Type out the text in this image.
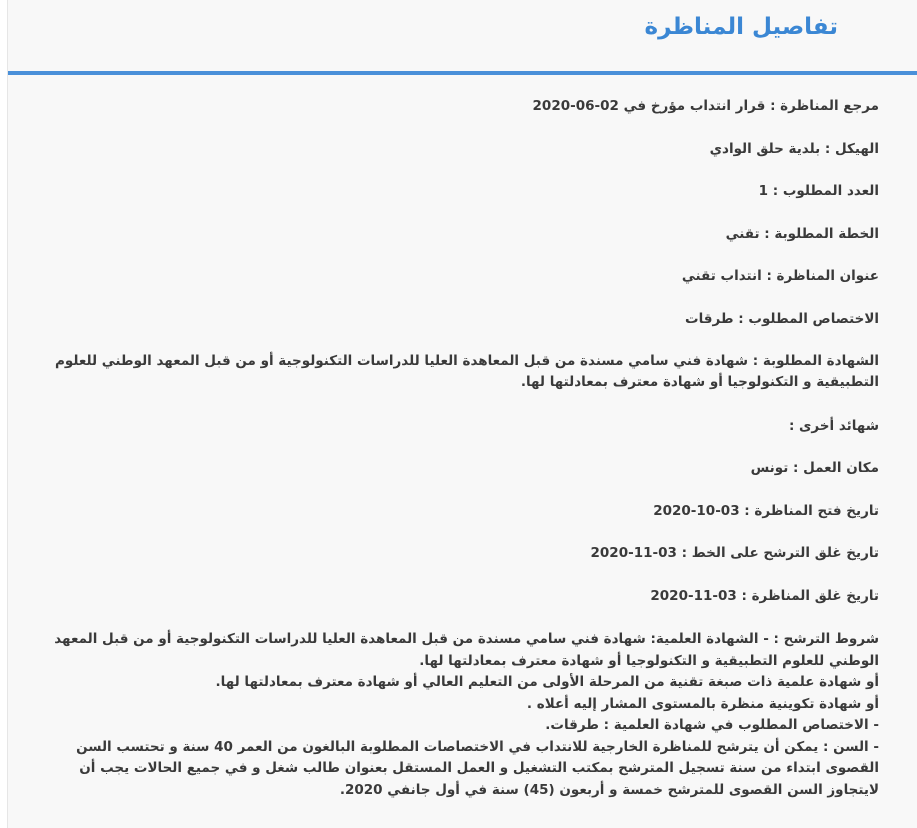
تفاصيل المناظرة
مرجع المناظرة : قرار انتداب مؤرخ في 02-06-2020
الهيكل : بلدية حلق الوادي
العدد المطلوب : 1
الخطة المطلوبة : تقني
عنوان المناظرة : انتداب تقني
الاختصاص المطلوب : طرقات
الشهادة المطلوبة : شهادة فني سامي مسندة من قبل المعاهدة العليا للدراسات التكنولوجية أو من قبل المعهد الوطني للعلوم التطبيقية و التكنولوجيا أو شهادة معترف بمعادلتها لها.
شهائد أخرى :
مكان العمل : تونس
تاريخ فتح المناظرة : 03-10-2020
تاريخ غلق الترشح على الخط : 03-11-2020
تاريخ غلق المناظرة : 03-11-2020
شروط الترشح : - الشهادة العلمية: شهادة فني سامي مسندة من قبل المعاهدة العليا للدراسات التكنولوجية أو من قبل المعهد الوطني للعلوم التطبيقية و التكنولوجيا أو شهادة معترف بمعادلتها لها.
أو شهادة علمية ذات صبغة تقنية من المرحلة الأولى من التعليم العالي أو شهادة معترف بمعادلتها لها.
أو شهادة تكوينية منظرة بالمستوى المشار إليه أعلاه .
- الاختصاص المطلوب في شهادة العلمية : طرقات.
- السن : يمكن أن يترشح للمناظرة الخارجية للانتداب في الاختصاصات المطلوبة البالغون من العمر 40 سنة و تحتسب السن القصوى ابتداء من سنة تسجيل المترشح بمكتب التشغيل و العمل المستقل بعنوان طالب شغل و في جميع الحالات يجب أن لايتجاوز السن القصوى للمترشح خمسة و أربعون (45) سنة في أول جانفي 2020.
